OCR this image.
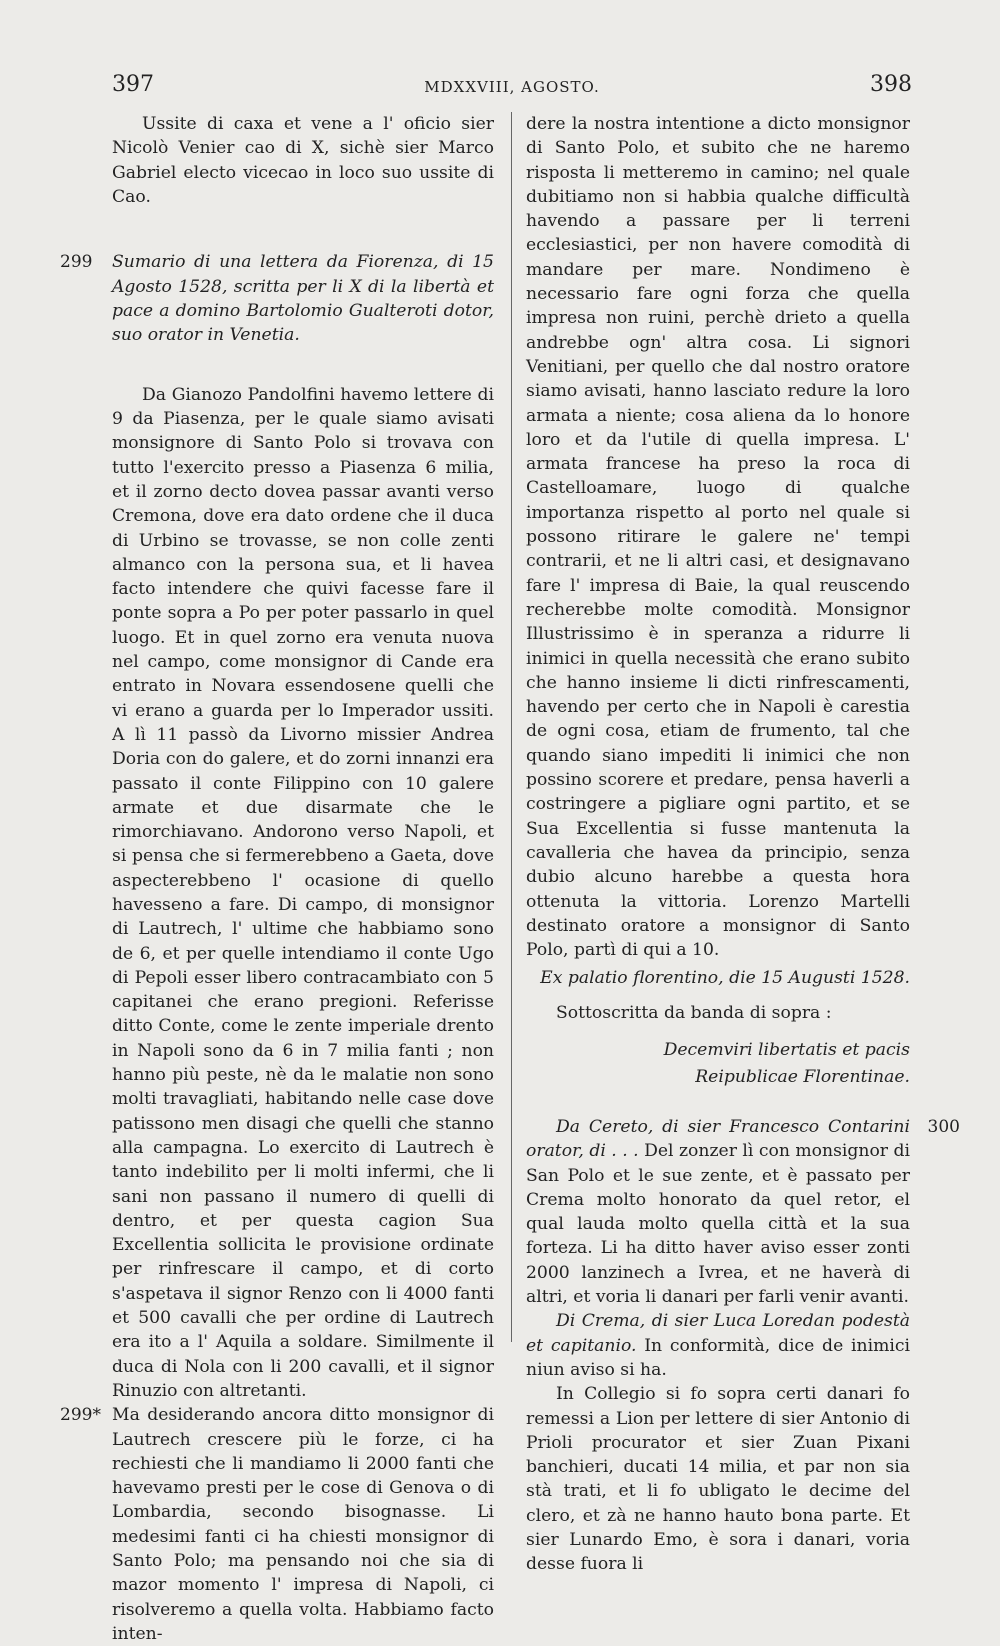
397	MDXXVIII, AGOSTO.	398

Ussite di caxa et vene a l' oficio sier Nicolò Venier cao di X, sichè sier Marco Gabriel electo vicecao in loco suo ussite di Cao.

299 Sumario di una lettera da Fiorenza, di 15 Agosto 1528, scritta per li X di la libertà et pace a domino Bartolomio Gualteroti dotor, suo orator in Venetia.

Da Gianozo Pandolfini havemo lettere di 9 da Piasenza, per le quale siamo avisati monsignore di Santo Polo si trovava con tutto l'exercito presso a Piasenza 6 milia, et il zorno decto dovea passar avanti verso Cremona, dove era dato ordene che il duca di Urbino se trovasse, se non colle zenti almanco con la persona sua, et li havea facto intendere che quivi facesse fare il ponte sopra a Po per poter passarlo in quel luogo. Et in quel zorno era venuta nuova nel campo, come monsignor di Cande era entrato in Novara essendosene quelli che vi erano a guarda per lo Imperador ussiti. A lì 11 passò da Livorno missier Andrea Doria con do galere, et do zorni innanzi era passato il conte Filippino con 10 galere armate et due disarmate che le rimorchiavano. Andorono verso Napoli, et si pensa che si fermerebbeno a Gaeta, dove aspecterebbeno l' ocasione di quello havesseno a fare. Di campo, di monsignor di Lautrech, l' ultime che habbiamo sono de 6, et per quelle intendiamo il conte Ugo di Pepoli esser libero contracambiato con 5 capitanei che erano pregioni. Referisse ditto Conte, come le zente imperiale drento in Napoli sono da 6 in 7 milia fanti ; non hanno più peste, nè da le malatie non sono molti travagliati, habitando nelle case dove patissono men disagi che quelli che stanno alla campagna. Lo exercito di Lautrech è tanto indebilito per li molti infermi, che li sani non passano il numero di quelli di dentro, et per questa cagion Sua Excellentia sollicita le provisione ordinate per rinfrescare il campo, et di corto s'aspetava il signor Renzo con li 4000 fanti et 500 cavalli che per ordine di Lautrech era ito a l' Aquila a soldare. Similmente il duca di Nola con li 200 cavalli, et il signor Rinuzio con altretanti.

299* Ma desiderando ancora ditto monsignor di Lautrech crescere più le forze, ci ha rechiesti che li mandiamo li 2000 fanti che havevamo presti per le cose di Genova o di Lombardia, secondo bisognasse. Li medesimi fanti ci ha chiesti monsignor di Santo Polo; ma pensando noi che sia di mazor momento l' impresa di Napoli, ci risolveremo a quella volta. Habbiamo facto inten-

dere la nostra intentione a dicto monsignor di Santo Polo, et subito che ne haremo risposta li metteremo in camino; nel quale dubitiamo non si habbia qualche difficultà havendo a passare per li terreni ecclesiastici, per non havere comodità di mandare per mare. Nondimeno è necessario fare ogni forza che quella impresa non ruini, perchè drieto a quella andrebbe ogn' altra cosa. Li signori Venitiani, per quello che dal nostro oratore siamo avisati, hanno lasciato redure la loro armata a niente; cosa aliena da lo honore loro et da l'utile di quella impresa. L' armata francese ha preso la roca di Castelloamare, luogo di qualche importanza rispetto al porto nel quale si possono ritirare le galere ne' tempi contrarii, et ne li altri casi, et designavano fare l' impresa di Baie, la qual reuscendo recherebbe molte comodità. Monsignor Illustrissimo è in speranza a ridurre li inimici in quella necessità che erano subito che hanno insieme li dicti rinfrescamenti, havendo per certo che in Napoli è carestia de ogni cosa, etiam de frumento, tal che quando siano impediti li inimici che non possino scorere et predare, pensa haverli a costringere a pigliare ogni partito, et se Sua Excellentia si fusse mantenuta la cavalleria che havea da principio, senza dubio alcuno harebbe a questa hora ottenuta la vittoria. Lorenzo Martelli destinato oratore a monsignor di Santo Polo, partì di qui a 10.

Ex palatio florentino, die 15 Augusti 1528.

Sottoscritta da banda di sopra :

Decemviri libertatis et pacis

Reipublicae Florentinae.

300

Da Cereto, di sier Francesco Contarini orator, di . . . Del zonzer lì con monsignor di San Polo et le sue zente, et è passato per Crema molto honorato da quel retor, el qual lauda molto quella città et la sua forteza. Li ha ditto haver aviso esser zonti 2000 lanzinech a Ivrea, et ne haverà di altri, et voria li danari per farli venir avanti.

Di Crema, di sier Luca Loredan podestà et capitanio. In conformità, dice de inimici niun aviso si ha.

In Collegio si fo sopra certi danari fo remessi a Lion per lettere di sier Antonio di Prioli procurator et sier Zuan Pixani banchieri, ducati 14 milia, et par non sia stà trati, et li fo ubligato le decime del clero, et zà ne hanno hauto bona parte. Et sier Lunardo Emo, è sora i danari, voria desse fuora li
